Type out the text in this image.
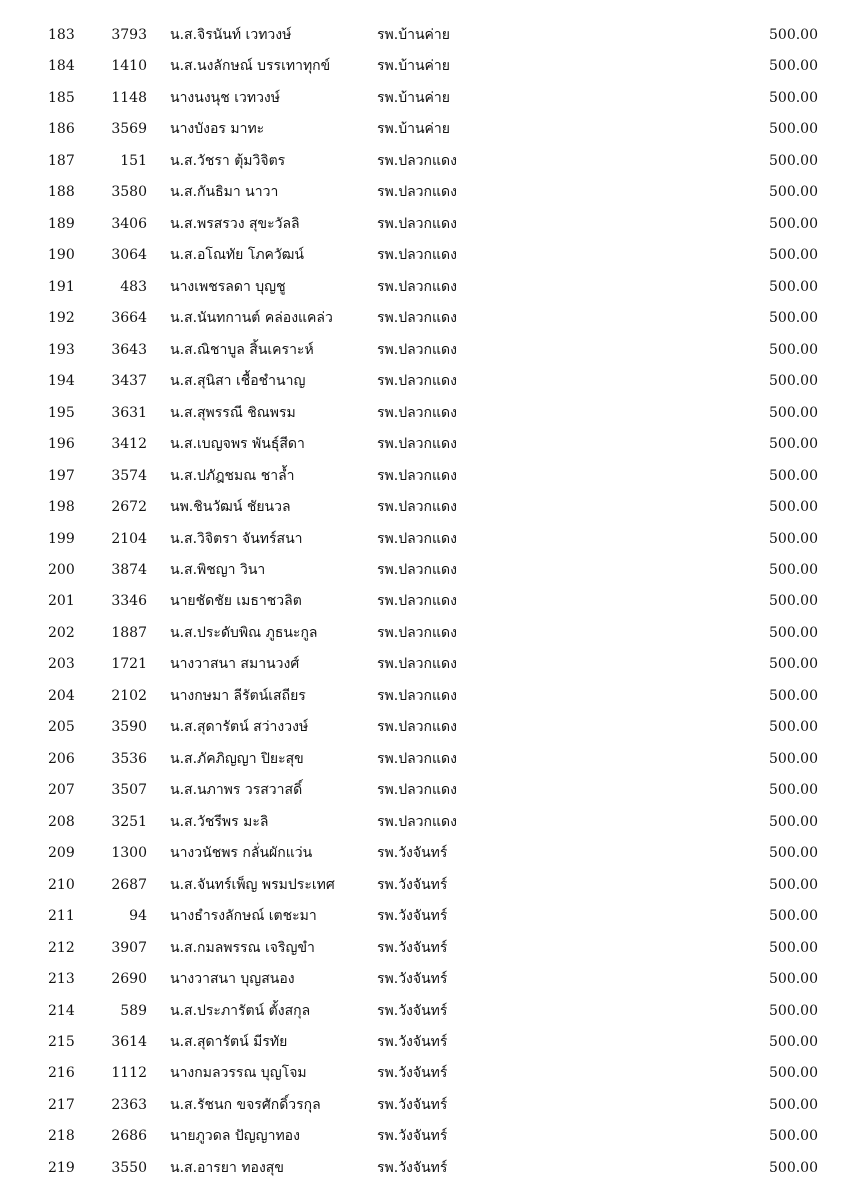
183	3793 น.ส.จิรนันท์ เวทวงษ์	รพ.บ้านค่าย	500.00
184	1410 น.ส.นงลักษณ์ บรรเทาทุกข์	รพ.บ้านค่าย	500.00
185	1148 นางนงนุช เวทวงษ์	รพ.บ้านค่าย	500.00
186	3569 นางบังอร มาทะ	รพ.บ้านค่าย	500.00
187	151 น.ส.วัชรา ตุ้มวิจิตร	รพ.ปลวกแดง	500.00
188	3580 น.ส.กันธิมา นาวา	รพ.ปลวกแดง	500.00
189	3406 น.ส.พรสรวง สุขะวัลลิ	รพ.ปลวกแดง	500.00
190	3064 น.ส.อโณทัย โภควัฒน์	รพ.ปลวกแดง	500.00
191	483 นางเพชรลดา บุญชู	รพ.ปลวกแดง	500.00
192	3664 น.ส.นันทกานต์ คล่องแคล่ว	รพ.ปลวกแดง	500.00
193	3643 น.ส.ณิชาบูล สิ้นเคราะห์	รพ.ปลวกแดง	500.00
194	3437 น.ส.สุนิสา เชื้อชำนาญ	รพ.ปลวกแดง	500.00
195	3631 น.ส.สุพรรณี ชิณพรม	รพ.ปลวกแดง	500.00
196	3412 น.ส.เบญจพร พันธุ์สีดา	รพ.ปลวกแดง	500.00
197	3574 น.ส.ปภัฎชมณ ชาล้ำ	รพ.ปลวกแดง	500.00
198	2672 นพ.ชินวัฒน์ ชัยนวล	รพ.ปลวกแดง	500.00
199	2104 น.ส.วิจิตรา จันทร์สนา	รพ.ปลวกแดง	500.00
200	3874 น.ส.พิชญา วินา	รพ.ปลวกแดง	500.00
201	3346 นายชัดชัย เมธาชวลิต	รพ.ปลวกแดง	500.00
202	1887 น.ส.ประดับพิณ ภูธนะกูล	รพ.ปลวกแดง	500.00
203	1721 นางวาสนา สมานวงศ์	รพ.ปลวกแดง	500.00
204	2102 นางกษมา ลีรัตน์เสถียร	รพ.ปลวกแดง	500.00
205	3590 น.ส.สุดารัตน์ สว่างวงษ์	รพ.ปลวกแดง	500.00
206	3536 น.ส.ภัคภิญญา ปิยะสุข	รพ.ปลวกแดง	500.00
207	3507 น.ส.นภาพร วรสวาสดิ์	รพ.ปลวกแดง	500.00
208	3251 น.ส.วัชรีพร มะลิ	รพ.ปลวกแดง	500.00
209	1300 นางวนัชพร กลั่นผักแว่น	รพ.วังจันทร์	500.00
210	2687 น.ส.จันทร์เพ็ญ พรมประเทศ	รพ.วังจันทร์	500.00
211	94 นางธำรงลักษณ์ เตชะมา	รพ.วังจันทร์	500.00
212	3907 น.ส.กมลพรรณ เจริญขำ	รพ.วังจันทร์	500.00
213	2690 นางวาสนา บุญสนอง	รพ.วังจันทร์	500.00
214	589 น.ส.ประภารัตน์ ตั้งสกุล	รพ.วังจันทร์	500.00
215	3614 น.ส.สุดารัตน์ มีรทัย	รพ.วังจันทร์	500.00
216	1112 นางกมลวรรณ บุญโจม	รพ.วังจันทร์	500.00
217	2363 น.ส.รัชนก ขจรศักดิ์วรกุล	รพ.วังจันทร์	500.00
218	2686 นายภูวดล ปัญญาทอง	รพ.วังจันทร์	500.00
219	3550 น.ส.อารยา ทองสุข	รพ.วังจันทร์	500.00
